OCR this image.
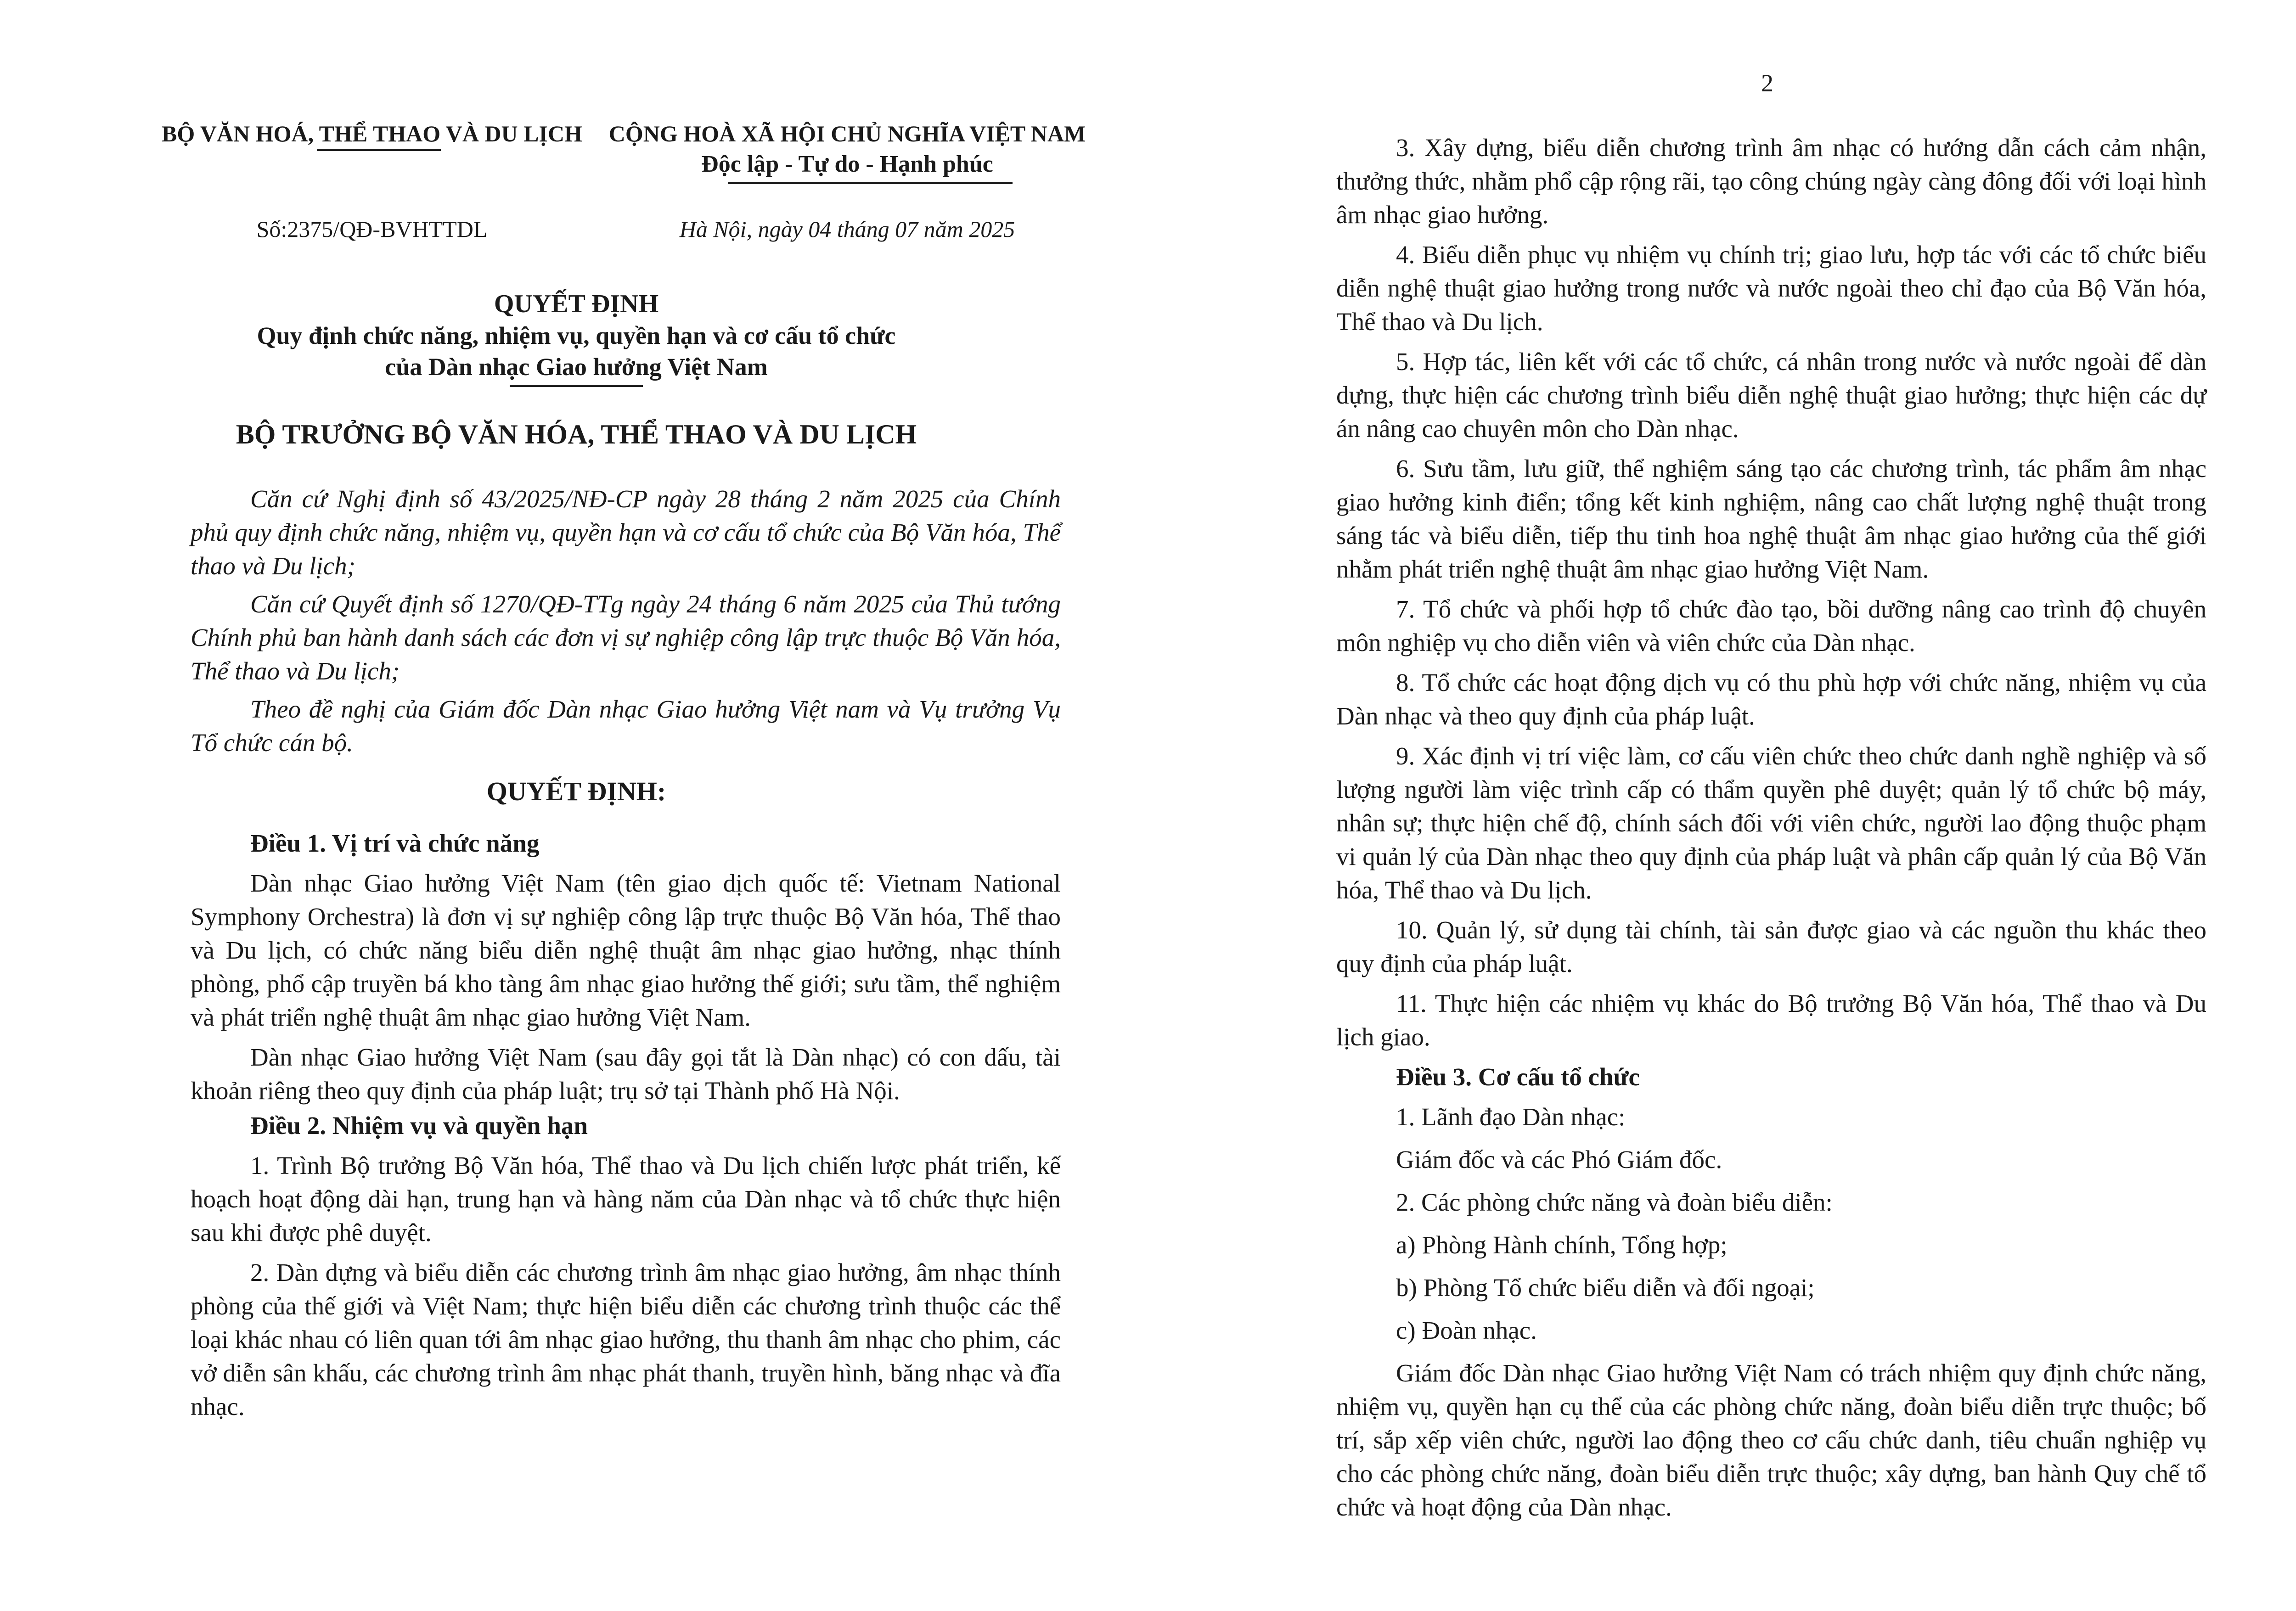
BỘ VĂN HOÁ, THỂ THAO VÀ DU LỊCH	CỘNG HOÀ XÃ HỘI CHỦ NGHĨA VIỆT NAM
Độc lập - Tự do - Hạnh phúc
Số:2375/QĐ-BVHTTDL	Hà Nội, ngày 04 tháng 07 năm 2025
QUYẾT ĐỊNH
Quy định chức năng, nhiệm vụ, quyền hạn và cơ cấu tổ chức
của Dàn nhạc Giao hưởng Việt Nam
BỘ TRƯỞNG BỘ VĂN HÓA, THỂ THAO VÀ DU LỊCH

Căn cứ Nghị định số 43/2025/NĐ-CP ngày 28 tháng 2 năm 2025 của Chính phủ quy định chức năng, nhiệm vụ, quyền hạn và cơ cấu tổ chức của Bộ Văn hóa, Thể thao và Du lịch;

Căn cứ Quyết định số 1270/QĐ-TTg ngày 24 tháng 6 năm 2025 của Thủ tướng Chính phủ ban hành danh sách các đơn vị sự nghiệp công lập trực thuộc Bộ Văn hóa, Thể thao và Du lịch;

Theo đề nghị của Giám đốc Dàn nhạc Giao hưởng Việt nam và Vụ trưởng Vụ Tổ chức cán bộ.

QUYẾT ĐỊNH:

Điều 1. Vị trí và chức năng

Dàn nhạc Giao hưởng Việt Nam (tên giao dịch quốc tế: Vietnam National Symphony Orchestra) là đơn vị sự nghiệp công lập trực thuộc Bộ Văn hóa, Thể thao và Du lịch, có chức năng biểu diễn nghệ thuật âm nhạc giao hưởng, nhạc thính phòng, phổ cập truyền bá kho tàng âm nhạc giao hưởng thế giới; sưu tầm, thể nghiệm và phát triển nghệ thuật âm nhạc giao hưởng Việt Nam.

Dàn nhạc Giao hưởng Việt Nam (sau đây gọi tắt là Dàn nhạc) có con dấu, tài khoản riêng theo quy định của pháp luật; trụ sở tại Thành phố Hà Nội.

Điều 2. Nhiệm vụ và quyền hạn

1. Trình Bộ trưởng Bộ Văn hóa, Thể thao và Du lịch chiến lược phát triển, kế hoạch hoạt động dài hạn, trung hạn và hàng năm của Dàn nhạc và tổ chức thực hiện sau khi được phê duyệt.

2. Dàn dựng và biểu diễn các chương trình âm nhạc giao hưởng, âm nhạc thính phòng của thế giới và Việt Nam; thực hiện biểu diễn các chương trình thuộc các thể loại khác nhau có liên quan tới âm nhạc giao hưởng, thu thanh âm nhạc cho phim, các vở diễn sân khấu, các chương trình âm nhạc phát thanh, truyền hình, băng nhạc và đĩa nhạc.

2

3. Xây dựng, biểu diễn chương trình âm nhạc có hướng dẫn cách cảm nhận, thưởng thức, nhằm phổ cập rộng rãi, tạo công chúng ngày càng đông đối với loại hình âm nhạc giao hưởng.

4. Biểu diễn phục vụ nhiệm vụ chính trị; giao lưu, hợp tác với các tổ chức biểu diễn nghệ thuật giao hưởng trong nước và nước ngoài theo chỉ đạo của Bộ Văn hóa, Thể thao và Du lịch.

5. Hợp tác, liên kết với các tổ chức, cá nhân trong nước và nước ngoài để dàn dựng, thực hiện các chương trình biểu diễn nghệ thuật giao hưởng; thực hiện các dự án nâng cao chuyên môn cho Dàn nhạc.

6. Sưu tầm, lưu giữ, thể nghiệm sáng tạo các chương trình, tác phẩm âm nhạc giao hưởng kinh điển; tổng kết kinh nghiệm, nâng cao chất lượng nghệ thuật trong sáng tác và biểu diễn, tiếp thu tinh hoa nghệ thuật âm nhạc giao hưởng của thế giới nhằm phát triển nghệ thuật âm nhạc giao hưởng Việt Nam.

7. Tổ chức và phối hợp tổ chức đào tạo, bồi dưỡng nâng cao trình độ chuyên môn nghiệp vụ cho diễn viên và viên chức của Dàn nhạc.

8. Tổ chức các hoạt động dịch vụ có thu phù hợp với chức năng, nhiệm vụ của Dàn nhạc và theo quy định của pháp luật.

9. Xác định vị trí việc làm, cơ cấu viên chức theo chức danh nghề nghiệp và số lượng người làm việc trình cấp có thẩm quyền phê duyệt; quản lý tổ chức bộ máy, nhân sự; thực hiện chế độ, chính sách đối với viên chức, người lao động thuộc phạm vi quản lý của Dàn nhạc theo quy định của pháp luật và phân cấp quản lý của Bộ Văn hóa, Thể thao và Du lịch.

10. Quản lý, sử dụng tài chính, tài sản được giao và các nguồn thu khác theo quy định của pháp luật.

11. Thực hiện các nhiệm vụ khác do Bộ trưởng Bộ Văn hóa, Thể thao và Du lịch giao.

Điều 3. Cơ cấu tổ chức

1. Lãnh đạo Dàn nhạc:

Giám đốc và các Phó Giám đốc.

2. Các phòng chức năng và đoàn biểu diễn:

a) Phòng Hành chính, Tổng hợp;

b) Phòng Tổ chức biểu diễn và đối ngoại;

c) Đoàn nhạc.

Giám đốc Dàn nhạc Giao hưởng Việt Nam có trách nhiệm quy định chức năng, nhiệm vụ, quyền hạn cụ thể của các phòng chức năng, đoàn biểu diễn trực thuộc; bố trí, sắp xếp viên chức, người lao động theo cơ cấu chức danh, tiêu chuẩn nghiệp vụ cho các phòng chức năng, đoàn biểu diễn trực thuộc; xây dựng, ban hành Quy chế tổ chức và hoạt động của Dàn nhạc.
